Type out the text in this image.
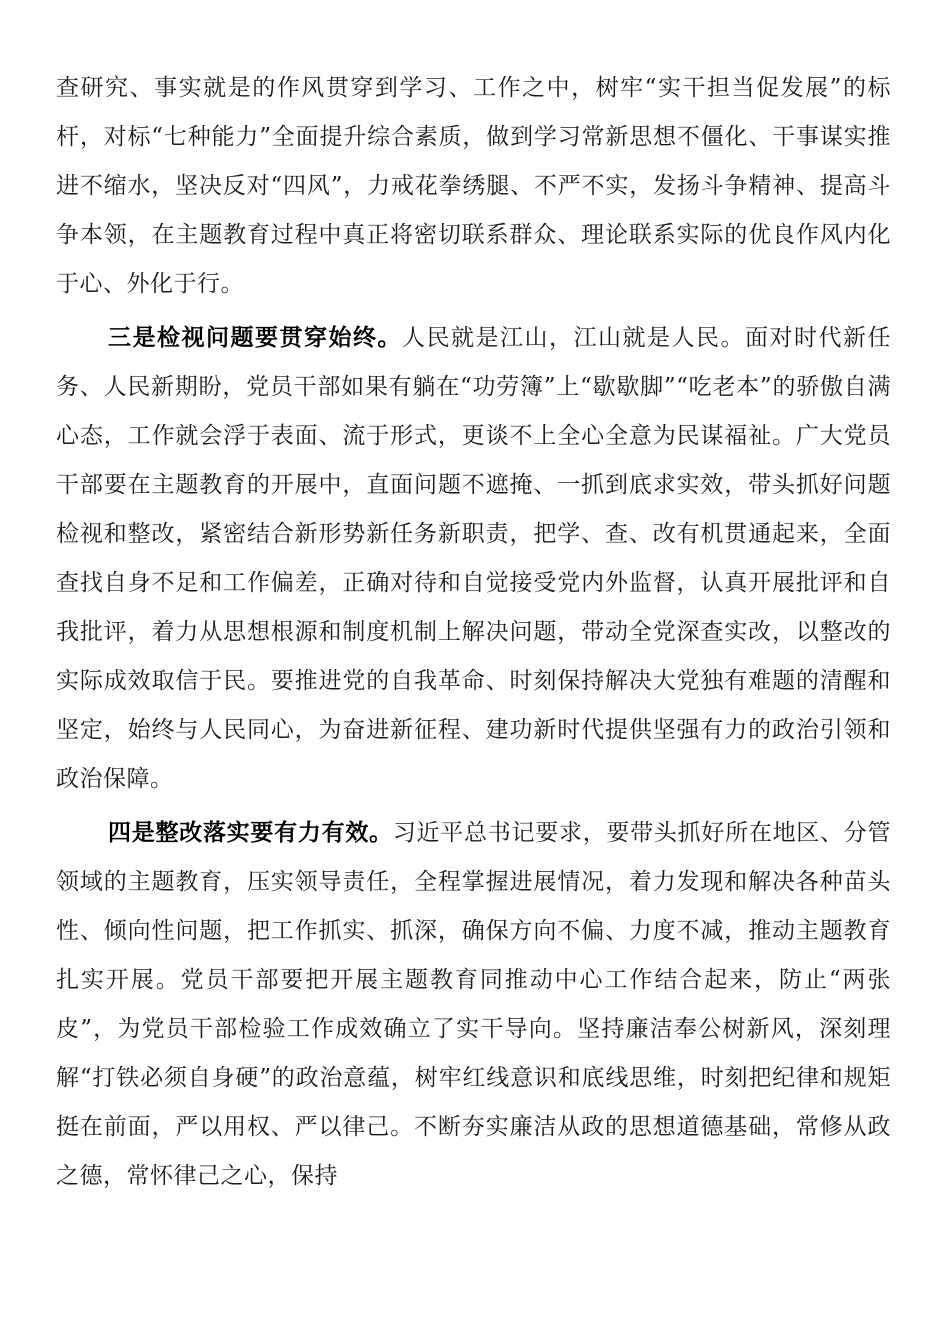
查研究、事实就是的作风贯穿到学习、工作之中，树牢“实干担当促发展”的标杆，对标“七种能力”全面提升综合素质，做到学习常新思想不僵化、干事谋实推进不缩水，坚决反对“四风”，力戒花拳绣腿、不严不实，发扬斗争精神、提高斗争本领，在主题教育过程中真正将密切联系群众、理论联系实际的优良作风内化于心、外化于行。

三是检视问题要贯穿始终。人民就是江山，江山就是人民。面对时代新任务、人民新期盼，党员干部如果有躺在“功劳簿”上“歇歇脚”“吃老本”的骄傲自满心态，工作就会浮于表面、流于形式，更谈不上全心全意为民谋福祉。广大党员干部要在主题教育的开展中，直面问题不遮掩、一抓到底求实效，带头抓好问题检视和整改，紧密结合新形势新任务新职责，把学、查、改有机贯通起来，全面查找自身不足和工作偏差，正确对待和自觉接受党内外监督，认真开展批评和自我批评，着力从思想根源和制度机制上解决问题，带动全党深查实改，以整改的实际成效取信于民。要推进党的自我革命、时刻保持解决大党独有难题的清醒和坚定，始终与人民同心，为奋进新征程、建功新时代提供坚强有力的政治引领和政治保障。

四是整改落实要有力有效。习近平总书记要求，要带头抓好所在地区、分管领域的主题教育，压实领导责任，全程掌握进展情况，着力发现和解决各种苗头性、倾向性问题，把工作抓实、抓深，确保方向不偏、力度不减，推动主题教育扎实开展。党员干部要把开展主题教育同推动中心工作结合起来，防止“两张皮”，为党员干部检验工作成效确立了实干导向。坚持廉洁奉公树新风，深刻理解“打铁必须自身硬”的政治意蕴，树牢红线意识和底线思维，时刻把纪律和规矩挺在前面，严以用权、严以律己。不断夯实廉洁从政的思想道德基础，常修从政之德，常怀律己之心，保持
